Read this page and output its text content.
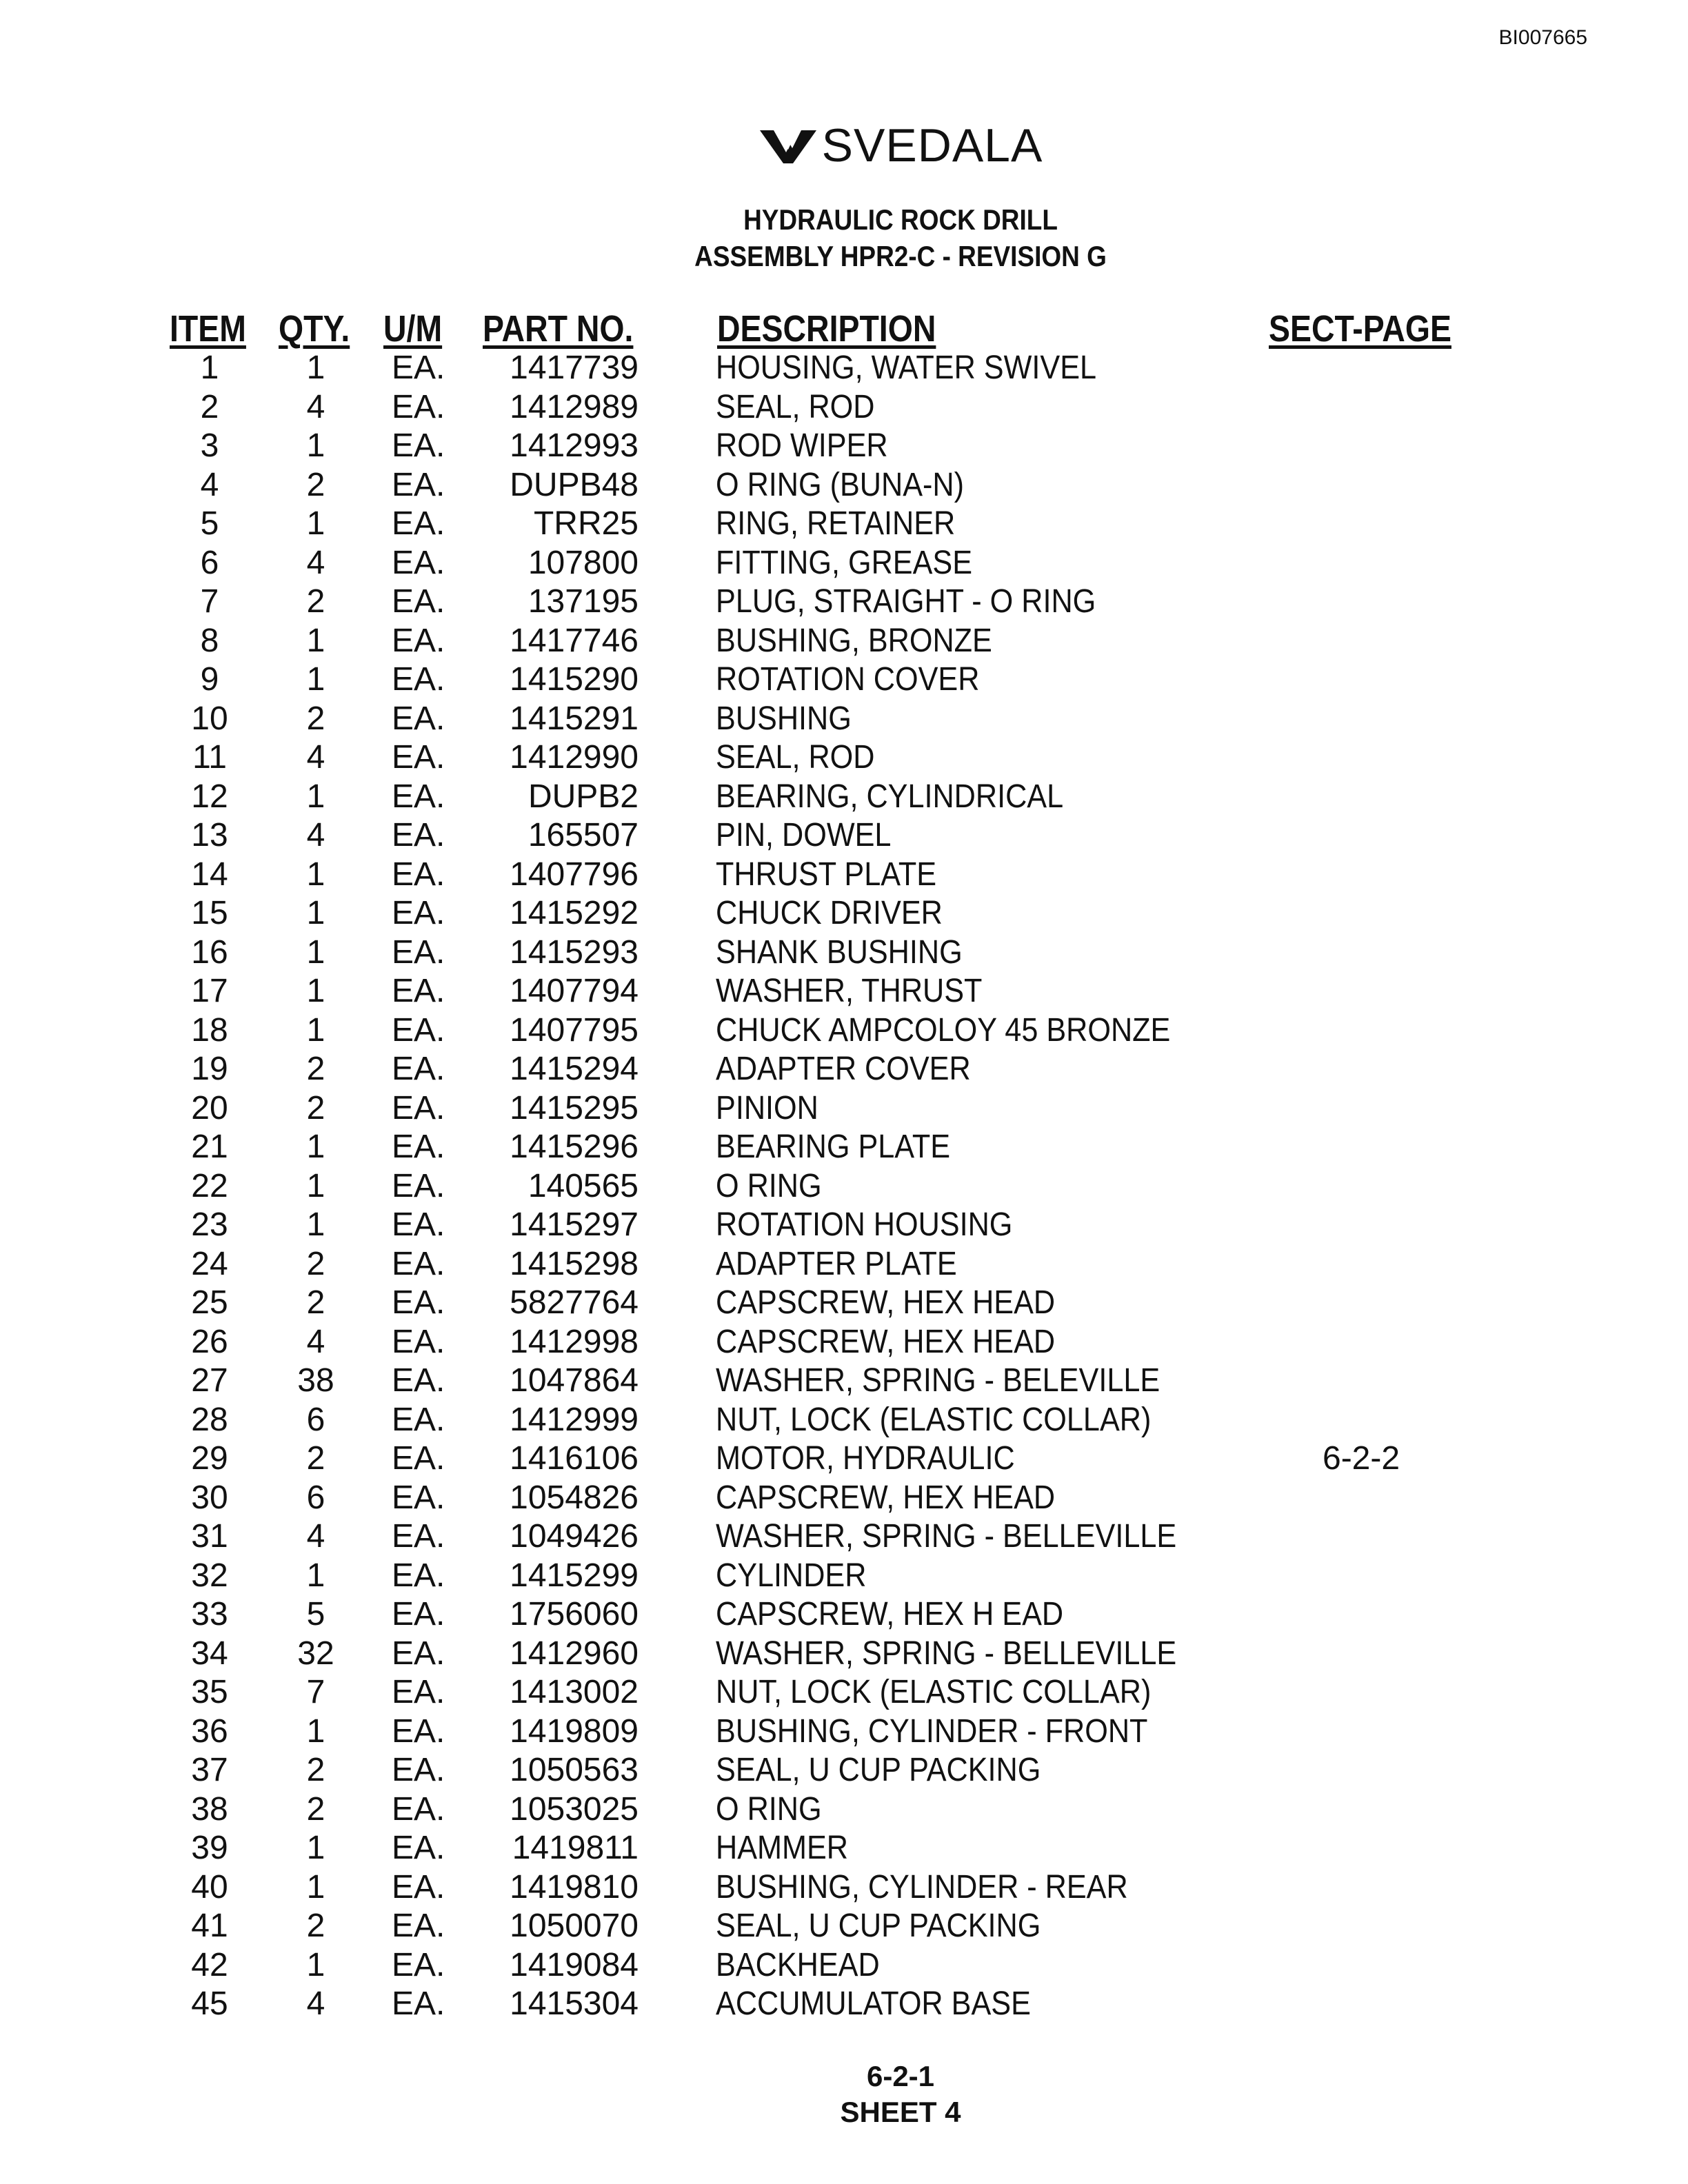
BI007665
SVEDALA
HYDRAULIC ROCK DRILL
ASSEMBLY HPR2-C - REVISION G
ITEM QTY. U/M PART NO. DESCRIPTION	SECT-PAGE
1	1	EA.	1417739 HOUSING, WATER SWIVEL
2	4	EA.	1412989 SEAL, ROD
3	1	EA.	1412993 ROD WIPER
4	2	EA.	DUPB48 O RING (BUNA-N)
5	1	EA.	TRR25 RING, RETAINER
6	4	EA.	107800 FITTING, GREASE
7	2	EA.	137195 PLUG, STRAIGHT - O RING
8	1	EA.	1417746 BUSHING, BRONZE
9	1	EA.	1415290 ROTATION COVER
10	2	EA.	1415291 BUSHING
11	4	EA.	1412990 SEAL, ROD
12	1	EA.	DUPB2 BEARING, CYLINDRICAL
13	4	EA.	165507 PIN, DOWEL
14	1	EA.	1407796 THRUST PLATE
15	1	EA.	1415292 CHUCK DRIVER
16	1	EA.	1415293 SHANK BUSHING
17	1	EA.	1407794 WASHER, THRUST
18	1	EA.	1407795 CHUCK AMPCOLOY 45 BRONZE
19	2	EA.	1415294 ADAPTER COVER
20	2	EA.	1415295 PINION
21	1	EA.	1415296 BEARING PLATE
22	1	EA.	140565 O RING
23	1	EA.	1415297 ROTATION HOUSING
24	2	EA.	1415298 ADAPTER PLATE
25	2	EA.	5827764 CAPSCREW, HEX HEAD
26	4	EA.	1412998 CAPSCREW, HEX HEAD
27	38	EA.	1047864 WASHER, SPRING - BELEVILLE
28	6	EA.	1412999 NUT, LOCK (ELASTIC COLLAR)
29	2	EA.	1416106 MOTOR, HYDRAULIC	6-2-2
30	6	EA.	1054826 CAPSCREW, HEX HEAD
31	4	EA.	1049426 WASHER, SPRING - BELLEVILLE
32	1	EA.	1415299 CYLINDER
33	5	EA.	1756060 CAPSCREW, HEX H EAD
34	32	EA.	1412960 WASHER, SPRING - BELLEVILLE
35	7	EA.	1413002 NUT, LOCK (ELASTIC COLLAR)
36	1	EA.	1419809 BUSHING, CYLINDER - FRONT
37	2	EA.	1050563 SEAL, U CUP PACKING
38	2	EA.	1053025 O RING
39	1	EA.	1419811 HAMMER
40	1	EA.	1419810 BUSHING, CYLINDER - REAR
41	2	EA.	1050070 SEAL, U CUP PACKING
42	1	EA.	1419084 BACKHEAD
45	4	EA.	1415304 ACCUMULATOR BASE
6-2-1
SHEET 4
